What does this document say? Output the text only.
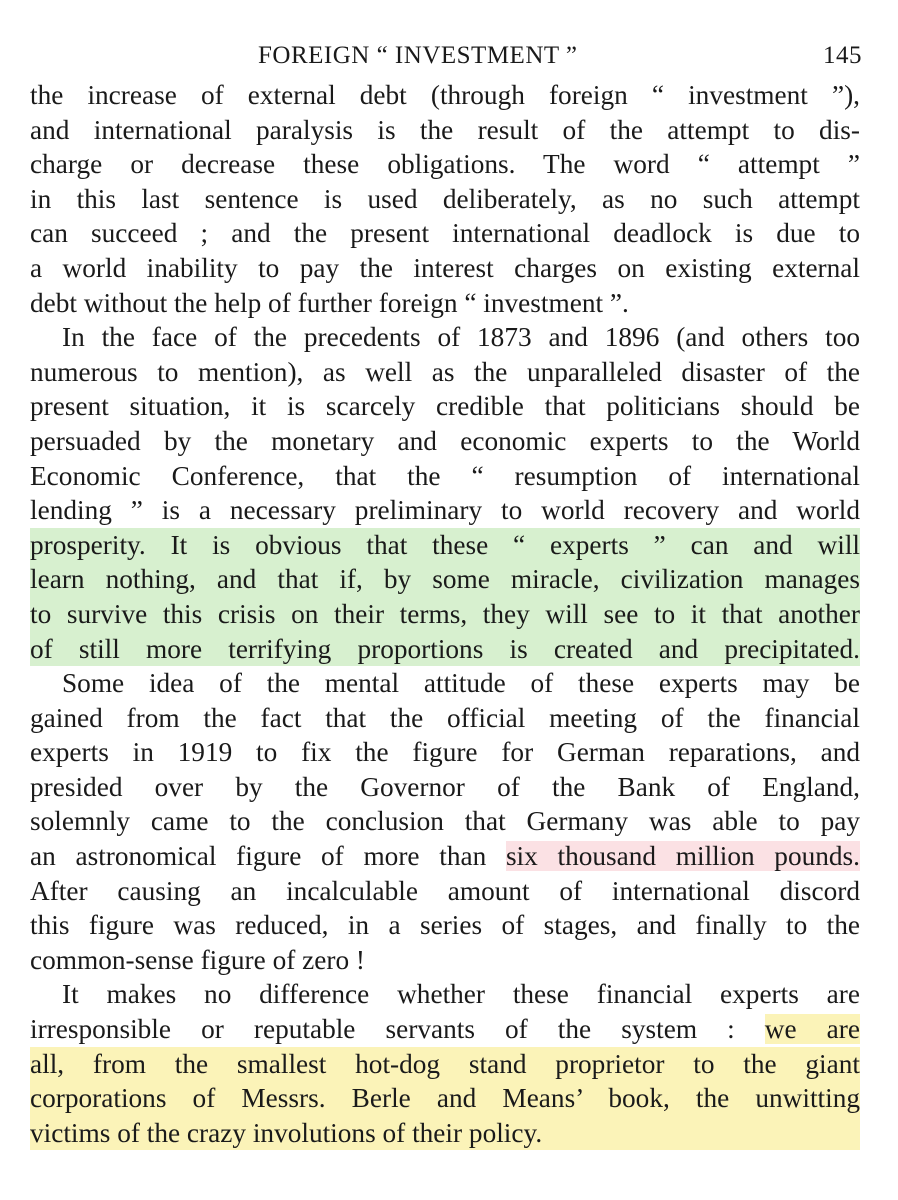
FOREIGN “ INVESTMENT ”	145
the increase of external debt (through foreign “ investment ”),
and international paralysis is the result of the attempt to dis-
charge or decrease these obligations. The word “ attempt ”
in this last sentence is used deliberately, as no such attempt
can succeed ; and the present international deadlock is due to
a world inability to pay the interest charges on existing external
debt without the help of further foreign “ investment ”.
In the face of the precedents of 1873 and 1896 (and others too
numerous to mention), as well as the unparalleled disaster of the
present situation, it is scarcely credible that politicians should be
persuaded by the monetary and economic experts to the World
Economic Conference, that the “ resumption of international
lending ” is a necessary preliminary to world recovery and world
prosperity. It is obvious that these “ experts ” can and will
learn nothing, and that if, by some miracle, civilization manages
to survive this crisis on their terms, they will see to it that another
of still more terrifying proportions is created and precipitated.
Some idea of the mental attitude of these experts may be
gained from the fact that the official meeting of the financial
experts in 1919 to fix the figure for German reparations, and
presided over by the Governor of the Bank of England,
solemnly came to the conclusion that Germany was able to pay
an astronomical figure of more than six thousand million pounds.
After causing an incalculable amount of international discord
this figure was reduced, in a series of stages, and finally to the
common-sense figure of zero !
It makes no difference whether these financial experts are
irresponsible or reputable servants of the system : we are
all, from the smallest hot-dog stand proprietor to the giant
corporations of Messrs. Berle and Means’ book, the unwitting
victims of the crazy involutions of their policy.
